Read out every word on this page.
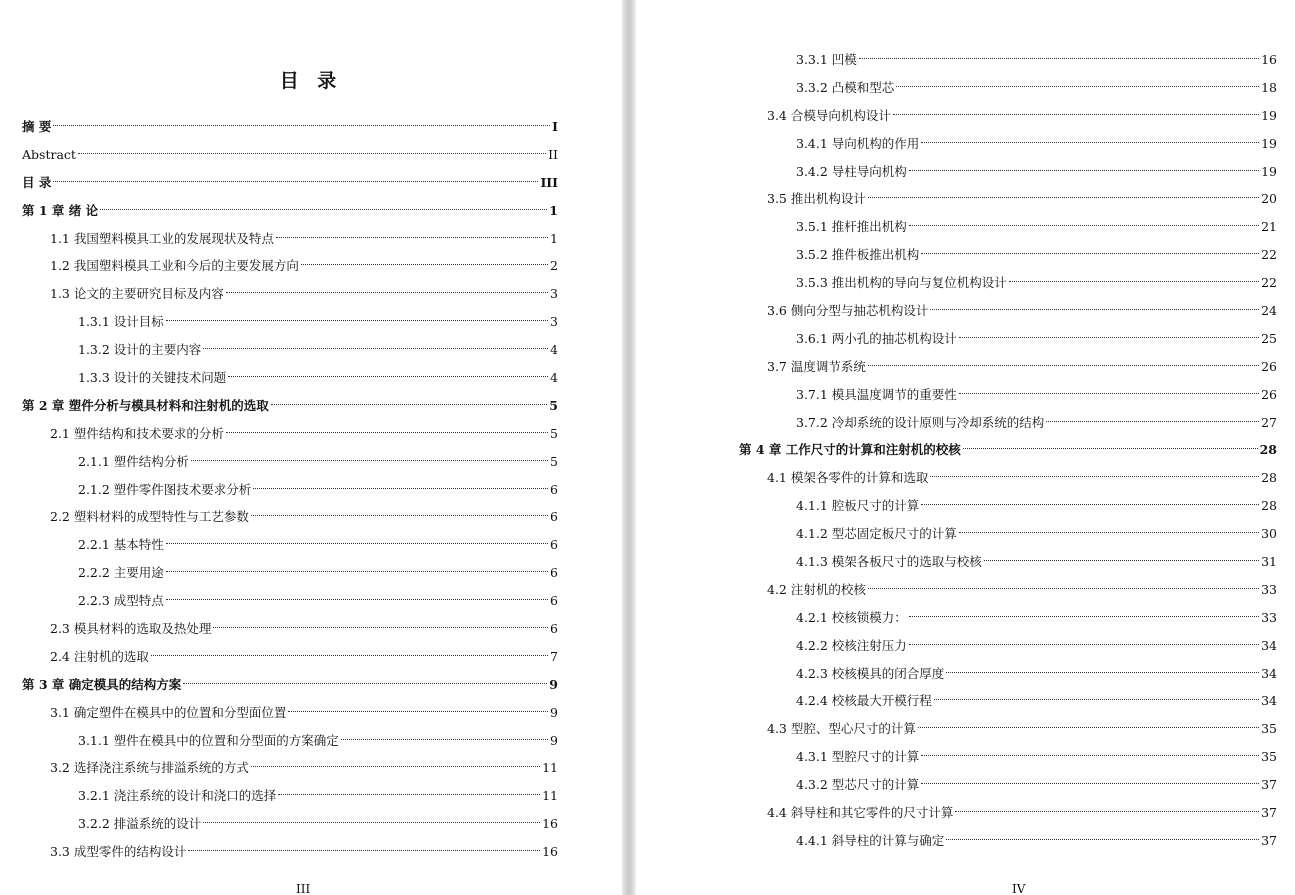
目 录
摘 要	I
Abstract	II
目 录	III
第 1 章 绪 论	1
1.1 我国塑料模具工业的发展现状及特点	1
1.2 我国塑料模具工业和今后的主要发展方向	2
1.3 论文的主要研究目标及内容	3
1.3.1 设计目标	3
1.3.2 设计的主要内容	4
1.3.3 设计的关键技术问题	4
第 2 章 塑件分析与模具材料和注射机的选取	5
2.1 塑件结构和技术要求的分析	5
2.1.1 塑件结构分析	5
2.1.2 塑件零件图技术要求分析	6
2.2 塑料材料的成型特性与工艺参数	6
2.2.1 基本特性	6
2.2.2 主要用途	6
2.2.3 成型特点	6
2.3 模具材料的选取及热处理	6
2.4 注射机的选取	7
第 3 章 确定模具的结构方案	9
3.1 确定塑件在模具中的位置和分型面位置	9
3.1.1 塑件在模具中的位置和分型面的方案确定	9
3.2 选择浇注系统与排溢系统的方式	11
3.2.1 浇注系统的设计和浇口的选择	11
3.2.2 排溢系统的设计	16
3.3 成型零件的结构设计	16
III
3.3.1 凹模	16
3.3.2 凸模和型芯	18
3.4 合模导向机构设计	19
3.4.1 导向机构的作用	19
3.4.2 导柱导向机构	19
3.5 推出机构设计	20
3.5.1 推杆推出机构	21
3.5.2 推件板推出机构	22
3.5.3 推出机构的导向与复位机构设计	22
3.6 侧向分型与抽芯机构设计	24
3.6.1 两小孔的抽芯机构设计	25
3.7 温度调节系统	26
3.7.1 模具温度调节的重要性	26
3.7.2 冷却系统的设计原则与冷却系统的结构	27
第 4 章 工作尺寸的计算和注射机的校核	28
4.1 模架各零件的计算和选取	28
4.1.1 腔板尺寸的计算	28
4.1.2 型芯固定板尺寸的计算	30
4.1.3 模架各板尺寸的选取与校核	31
4.2 注射机的校核	33
4.2.1 校核锁模力：	33
4.2.2 校核注射压力	34
4.2.3 校核模具的闭合厚度	34
4.2.4 校核最大开模行程	34
4.3 型腔、型心尺寸的计算	35
4.3.1 型腔尺寸的计算	35
4.3.2 型芯尺寸的计算	37
4.4 斜导柱和其它零件的尺寸计算	37
4.4.1 斜导柱的计算与确定	37
IV
